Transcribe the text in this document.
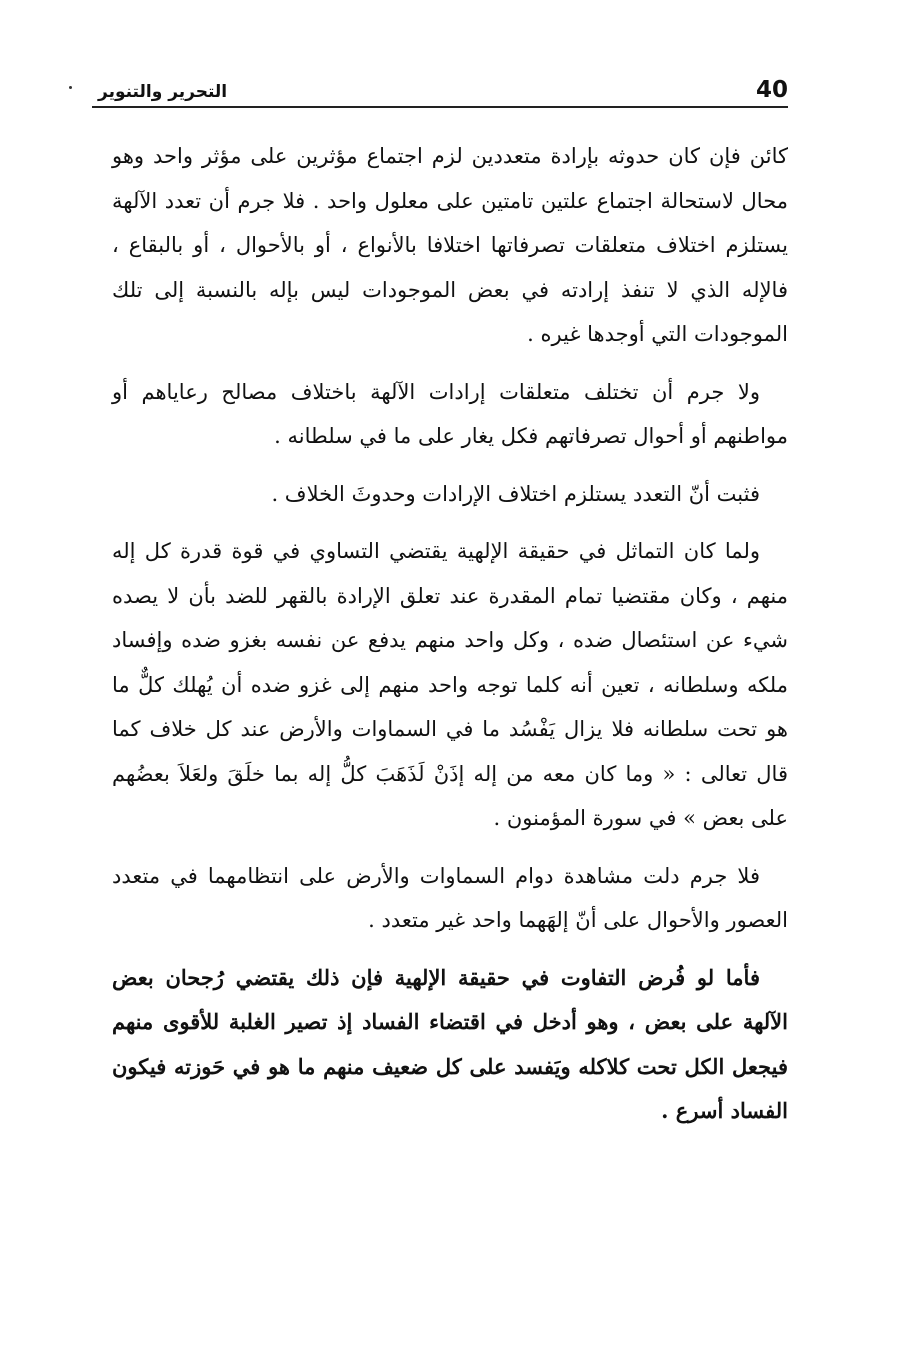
40
التحرير والتنوير

كائن فإن كان حدوثه بإرادة متعددين لزم اجتماع مؤثرين على مؤثر واحد وهو محال لاستحالة اجتماع علتين تامتين على معلول واحد . فلا جرم أن تعدد الآلهة يستلزم اختلاف متعلقات تصرفاتها اختلافا بالأنواع ، أو بالأحوال ، أو بالبقاع ، فالإله الذي لا تنفذ إرادته في بعض الموجودات ليس بإله بالنسبة إلى تلك الموجودات التي أوجدها غيره .

ولا جرم أن تختلف متعلقات إرادات الآلهة باختلاف مصالح رعاياهم أو مواطنهم أو أحوال تصرفاتهم فكل يغار على ما في سلطانه .

فثبت أنّ التعدد يستلزم اختلاف الإرادات وحدوثَ الخلاف .

ولما كان التماثل في حقيقة الإلهية يقتضي التساوي في قوة قدرة كل إله منهم ، وكان مقتضيا تمام المقدرة عند تعلق الإرادة بالقهر للضد بأن لا يصده شيء عن استئصال ضده ، وكل واحد منهم يدفع عن نفسه بغزو ضده وإفساد ملكه وسلطانه ، تعين أنه كلما توجه واحد منهم إلى غزو ضده أن يُهلك كلٌّ ما هو تحت سلطانه فلا يزال يَفْسُد ما في السماوات والأرض عند كل خلاف كما قال تعالى : « وما كان معه من إله إذَنْ لَذَهَبَ كلُّ إله بما خلَقَ ولعَلاَ بعضُهم على بعض » في سورة المؤمنون .

فلا جرم دلت مشاهدة دوام السماوات والأرض على انتظامهما في متعدد العصور والأحوال على أنّ إلهَهما واحد غير متعدد .

فأما لو فُرض التفاوت في حقيقة الإلهية فإن ذلك يقتضي رُجحان بعض الآلهة على بعض ، وهو أدخل في اقتضاء الفساد إذ تصير الغلبة للأقوى منهم فيجعل الكل تحت كلاكله ويَفسد على كل ضعيف منهم ما هو في حَوزته فيكون الفساد أسرع .
